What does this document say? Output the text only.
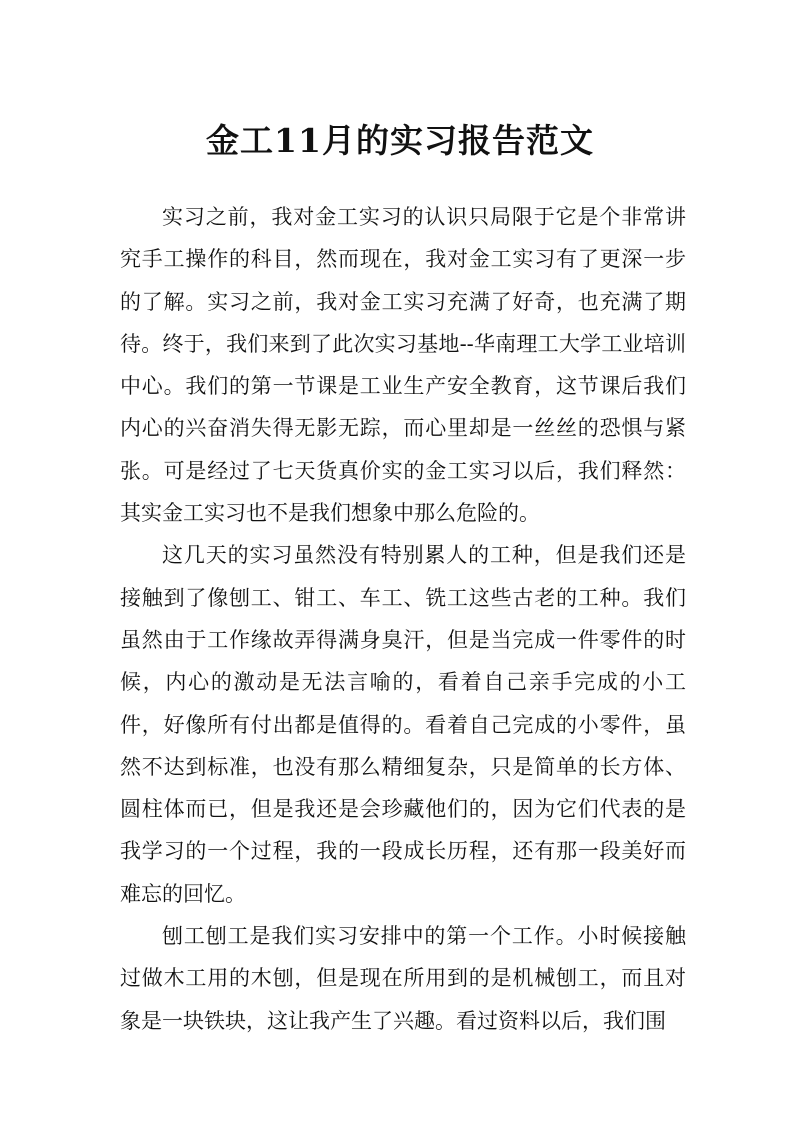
金工11月的实习报告范文

实习之前，我对金工实习的认识只局限于它是个非常讲究手工操作的科目，然而现在，我对金工实习有了更深一步的了解。实习之前，我对金工实习充满了好奇，也充满了期待。终于，我们来到了此次实习基地--华南理工大学工业培训中心。我们的第一节课是工业生产安全教育，这节课后我们内心的兴奋消失得无影无踪，而心里却是一丝丝的恐惧与紧张。可是经过了七天货真价实的金工实习以后，我们释然：其实金工实习也不是我们想象中那么危险的。

这几天的实习虽然没有特别累人的工种，但是我们还是接触到了像刨工、钳工、车工、铣工这些古老的工种。我们虽然由于工作缘故弄得满身臭汗，但是当完成一件零件的时候，内心的激动是无法言喻的，看着自己亲手完成的小工件，好像所有付出都是值得的。看着自己完成的小零件，虽然不达到标准，也没有那么精细复杂，只是简单的长方体、圆柱体而已，但是我还是会珍藏他们的，因为它们代表的是我学习的一个过程，我的一段成长历程，还有那一段美好而难忘的回忆。

刨工刨工是我们实习安排中的第一个工作。小时候接触过做木工用的木刨，但是现在所用到的是机械刨工，而且对象是一块铁块，这让我产生了兴趣。看过资料以后，我们围
